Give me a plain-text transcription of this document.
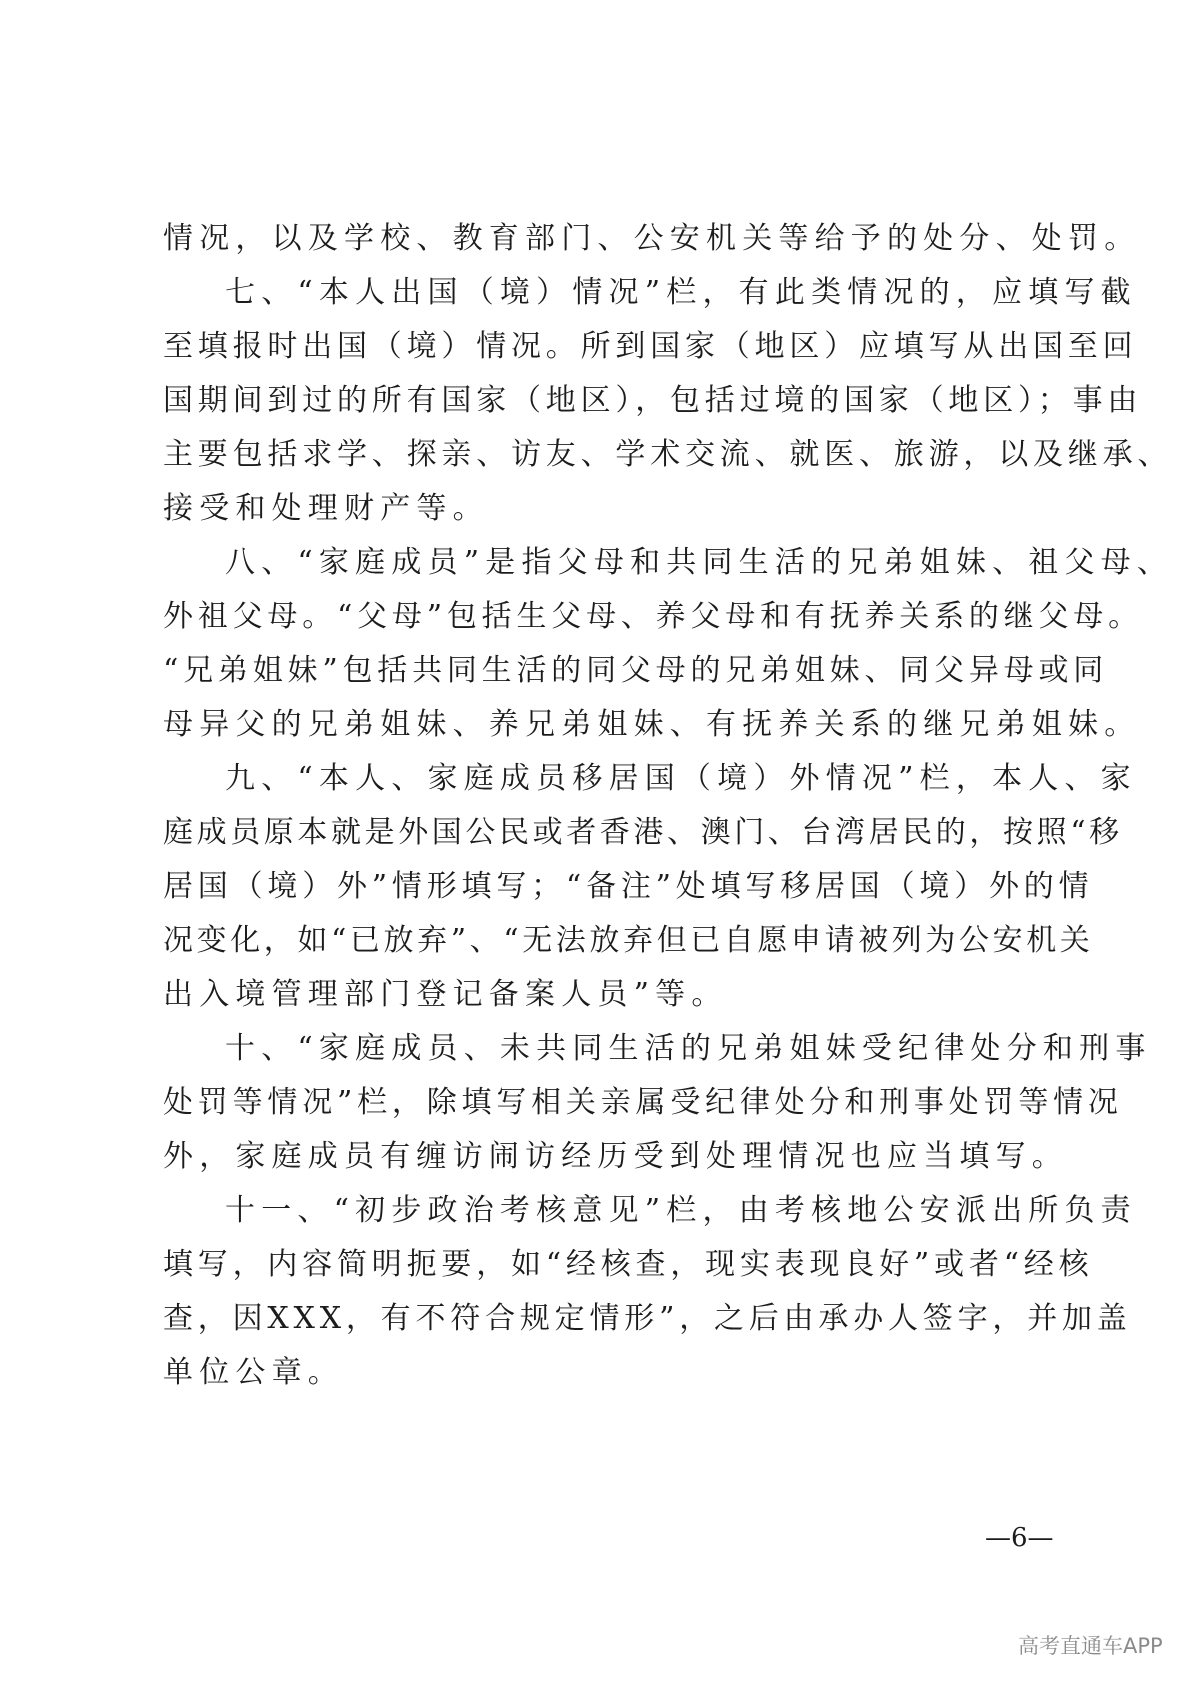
情况，以及学校、教育部门、公安机关等给予的处分、处罚。
七、“本人出国（境）情况”栏，有此类情况的，应填写截
至填报时出国（境）情况。所到国家（地区）应填写从出国至回
国期间到过的所有国家（地区），包括过境的国家（地区）；事由
主要包括求学、探亲、访友、学术交流、就医、旅游，以及继承、
接受和处理财产等。
八、“家庭成员”是指父母和共同生活的兄弟姐妹、祖父母、
外祖父母。“父母”包括生父母、养父母和有抚养关系的继父母。
“兄弟姐妹”包括共同生活的同父母的兄弟姐妹、同父异母或同
母异父的兄弟姐妹、养兄弟姐妹、有抚养关系的继兄弟姐妹。
九、“本人、家庭成员移居国（境）外情况”栏，本人、家
庭成员原本就是外国公民或者香港、澳门、台湾居民的，按照“移
居国（境）外”情形填写；“备注”处填写移居国（境）外的情
况变化，如“已放弃”、“无法放弃但已自愿申请被列为公安机关
出入境管理部门登记备案人员”等。
十、“家庭成员、未共同生活的兄弟姐妹受纪律处分和刑事
处罚等情况”栏，除填写相关亲属受纪律处分和刑事处罚等情况
外，家庭成员有缠访闹访经历受到处理情况也应当填写。
十一、“初步政治考核意见”栏，由考核地公安派出所负责
填写，内容简明扼要，如“经核查，现实表现良好”或者“经核
查，因XXX，有不符合规定情形”，之后由承办人签字，并加盖
单位公章。
—6—
高考直通车APP
